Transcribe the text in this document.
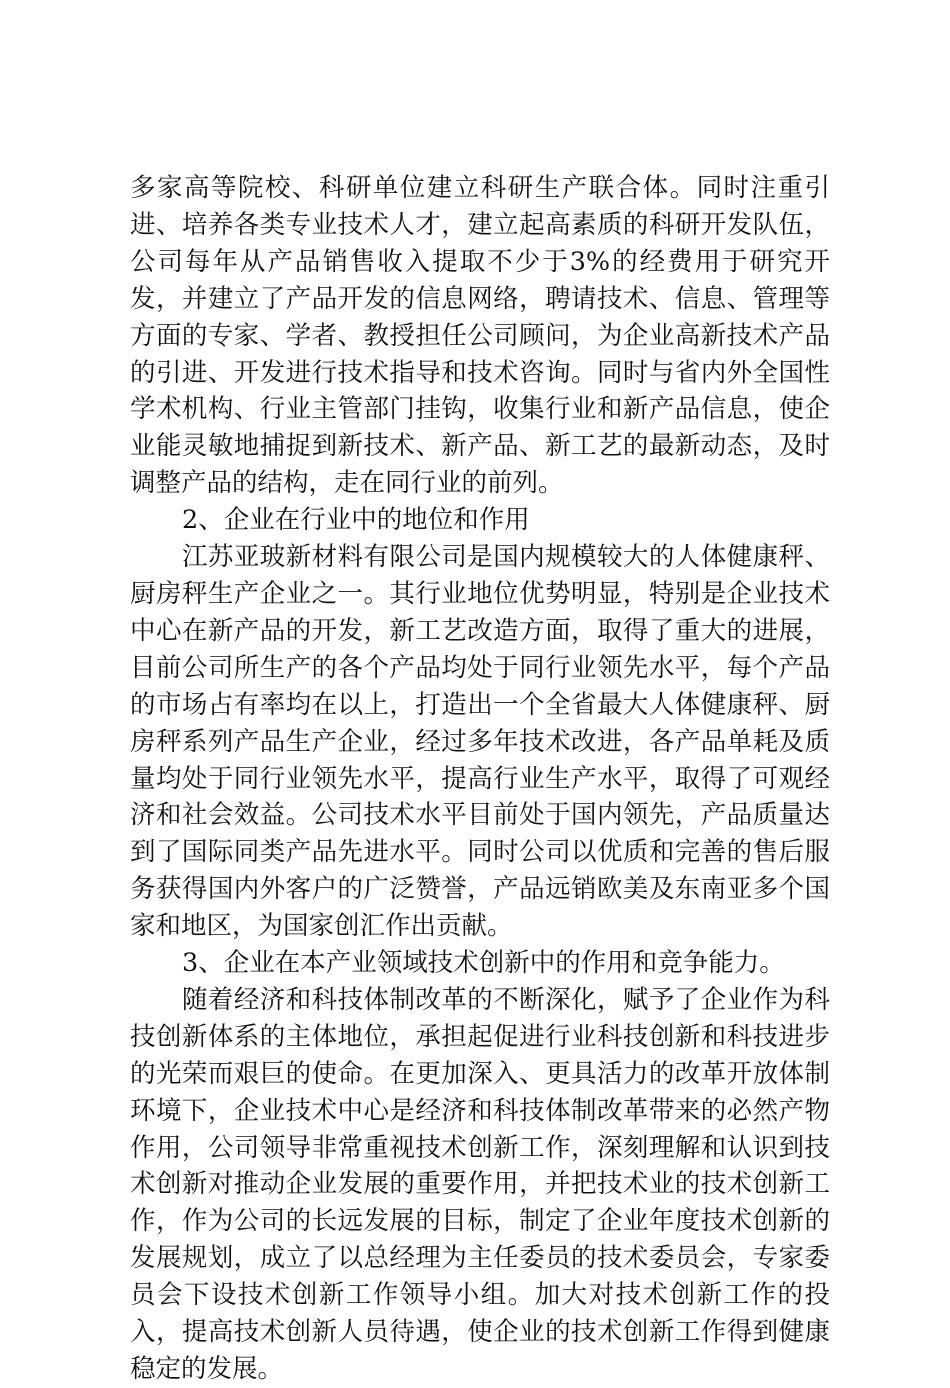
多家高等院校、科研单位建立科研生产联合体。同时注重引进、培养各类专业技术人才，建立起高素质的科研开发队伍，公司每年从产品销售收入提取不少于3%的经费用于研究开发，并建立了产品开发的信息网络，聘请技术、信息、管理等方面的专家、学者、教授担任公司顾问，为企业高新技术产品的引进、开发进行技术指导和技术咨询。同时与省内外全国性学术机构、行业主管部门挂钩，收集行业和新产品信息，使企业能灵敏地捕捉到新技术、新产品、新工艺的最新动态，及时调整产品的结构，走在同行业的前列。

2、企业在行业中的地位和作用

江苏亚玻新材料有限公司是国内规模较大的人体健康秤、厨房秤生产企业之一。其行业地位优势明显，特别是企业技术中心在新产品的开发，新工艺改造方面，取得了重大的进展，目前公司所生产的各个产品均处于同行业领先水平，每个产品的市场占有率均在以上，打造出一个全省最大人体健康秤、厨房秤系列产品生产企业，经过多年技术改进，各产品单耗及质量均处于同行业领先水平，提高行业生产水平，取得了可观经济和社会效益。公司技术水平目前处于国内领先，产品质量达到了国际同类产品先进水平。同时公司以优质和完善的售后服务获得国内外客户的广泛赞誉，产品远销欧美及东南亚多个国家和地区，为国家创汇作出贡献。

3、企业在本产业领域技术创新中的作用和竞争能力。

随着经济和科技体制改革的不断深化，赋予了企业作为科技创新体系的主体地位，承担起促进行业科技创新和科技进步的光荣而艰巨的使命。在更加深入、更具活力的改革开放体制环境下，企业技术中心是经济和科技体制改革带来的必然产物作用，公司领导非常重视技术创新工作，深刻理解和认识到技术创新对推动企业发展的重要作用，并把技术业的技术创新工作，作为公司的长远发展的目标，制定了企业年度技术创新的发展规划，成立了以总经理为主任委员的技术委员会，专家委员会下设技术创新工作领导小组。加大对技术创新工作的投入，提高技术创新人员待遇，使企业的技术创新工作得到健康稳定的发展。
